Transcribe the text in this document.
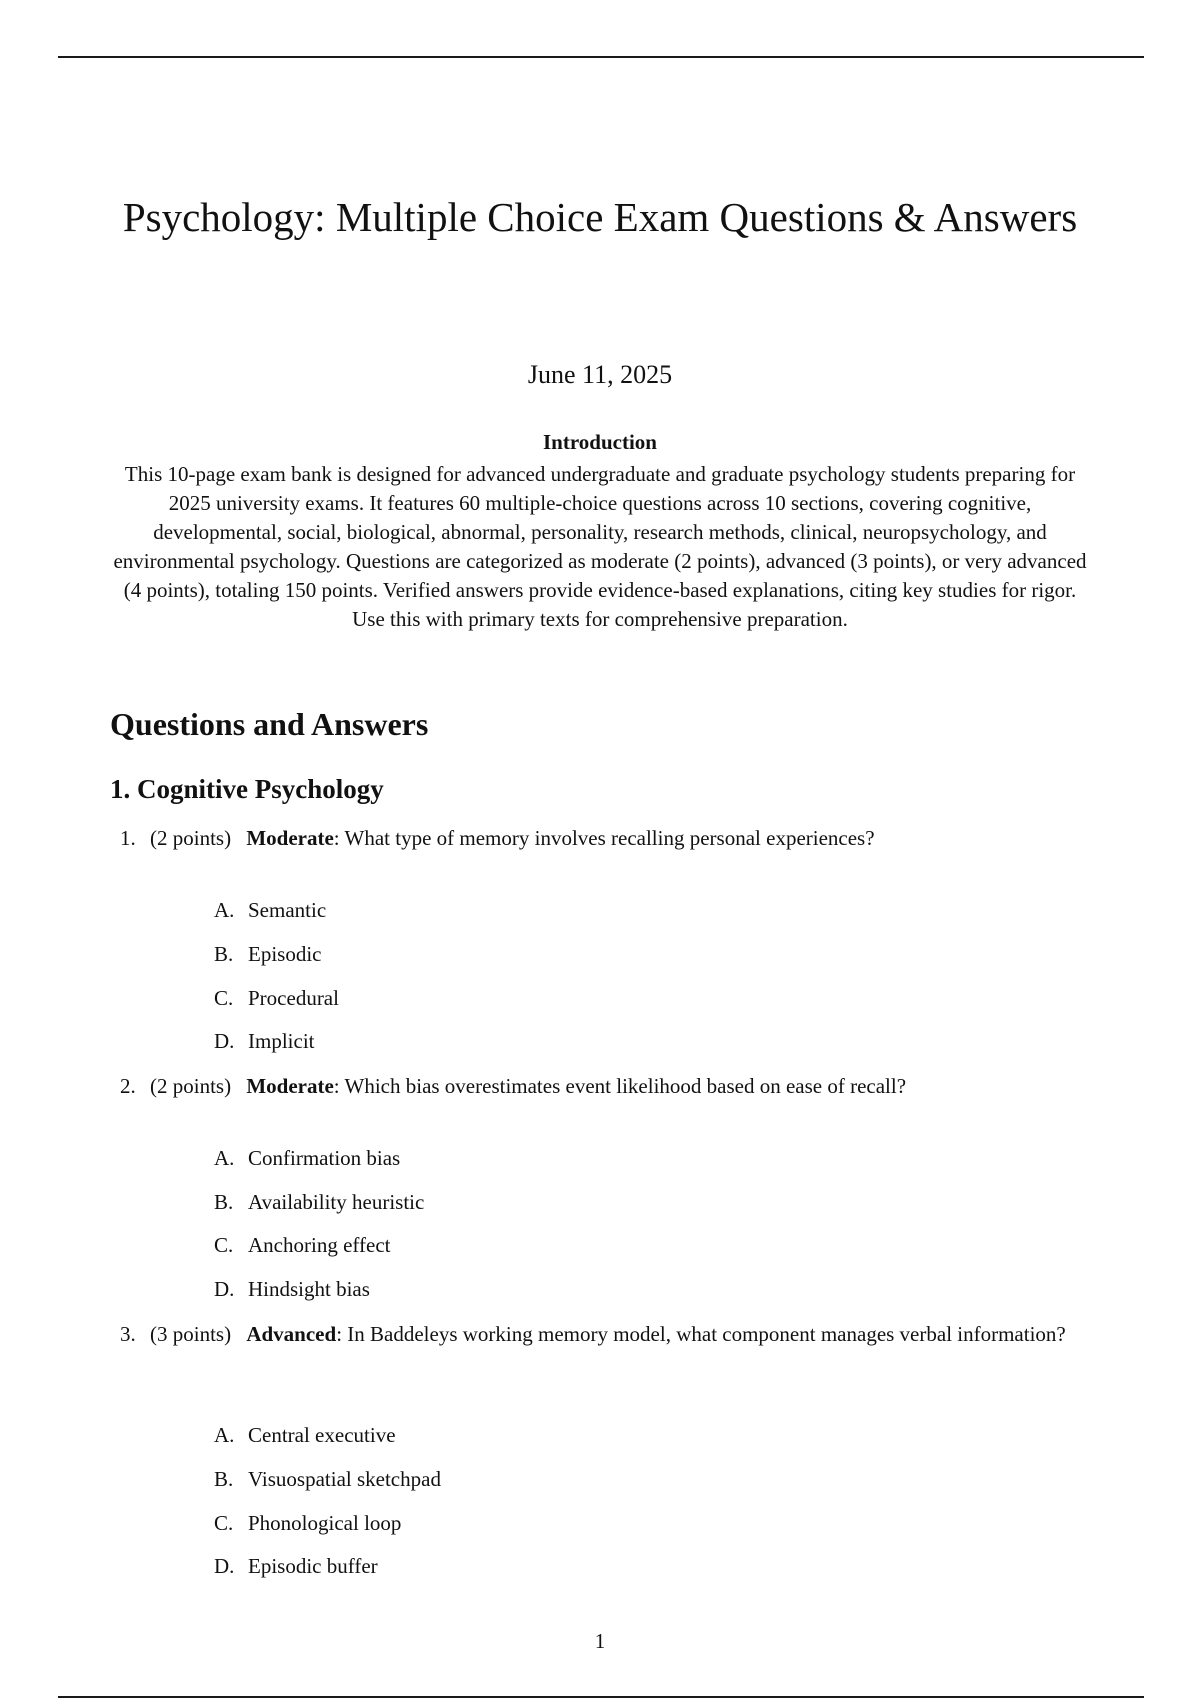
Psychology: Multiple Choice Exam Questions & Answers
June 11, 2025
Introduction

This 10-page exam bank is designed for advanced undergraduate and graduate psychology students preparing for 2025 university exams. It features 60 multiple-choice questions across 10 sections, covering cognitive, developmental, social, biological, abnormal, personality, research methods, clinical, neuropsychology, and environmental psychology. Questions are categorized as moderate (2 points), advanced (3 points), or very advanced (4 points), totaling 150 points. Verified answers provide evidence-based explanations, citing key studies for rigor. Use this with primary texts for comprehensive preparation.

Questions and Answers
1. Cognitive Psychology
1. (2 points) Moderate: What type of memory involves recalling personal experiences?
A. Semantic
B. Episodic
C. Procedural
D. Implicit
2. (2 points) Moderate: Which bias overestimates event likelihood based on ease of recall?
A. Confirmation bias
B. Availability heuristic
C. Anchoring effect
D. Hindsight bias
3. (3 points) Advanced: In Baddeleys working memory model, what component manages verbal information?
A. Central executive
B. Visuospatial sketchpad
C. Phonological loop
D. Episodic buffer
1
